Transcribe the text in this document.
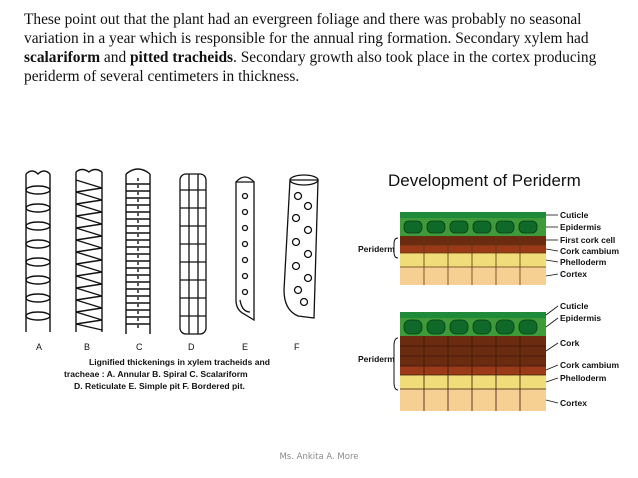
These point out that the plant had an evergreen foliage and there was probably no seasonal variation in a year which is responsible for the annual ring formation. Secondary xylem had scalariform and pitted tracheids. Secondary growth also took place in the cortex producing periderm of several centimeters in thickness.
A	B	C	D	E	F
Lignified thickenings in xylem tracheids and
tracheae : A. Annular B. Spiral C. Scalariform
D. Reticulate E. Simple pit F. Bordered pit.
Development of Periderm
Periderm
Periderm
Cuticle
Epidermis
First cork cell
Cork cambium
Phelloderm
Cortex
Cuticle
Epidermis
Cork
Cork cambium
Phelloderm
Cortex
Ms. Ankita A. More
